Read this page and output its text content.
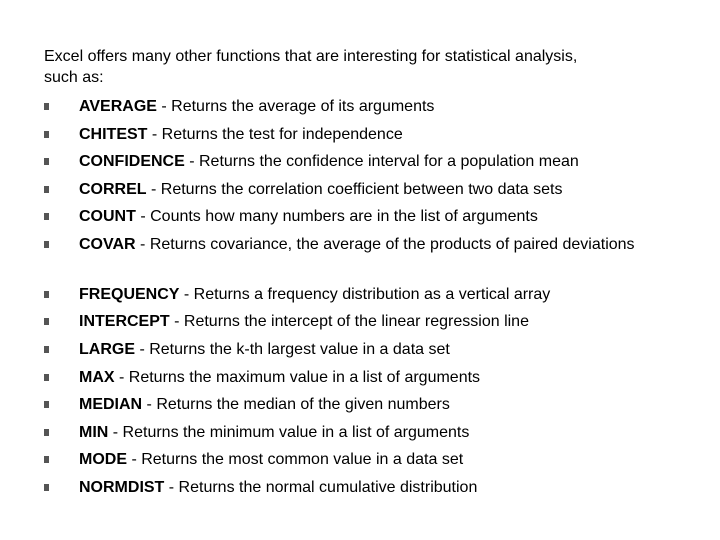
Excel offers many other functions that are interesting for statistical analysis,
such as:

AVERAGE - Returns the average of its arguments
CHITEST - Returns the test for independence
CONFIDENCE - Returns the confidence interval for a population mean
CORREL - Returns the correlation coefficient between two data sets
COUNT - Counts how many numbers are in the list of arguments
COVAR - Returns covariance, the average of the products of paired deviations
FREQUENCY - Returns a frequency distribution as a vertical array
INTERCEPT - Returns the intercept of the linear regression line
LARGE - Returns the k-th largest value in a data set
MAX - Returns the maximum value in a list of arguments
MEDIAN - Returns the median of the given numbers
MIN - Returns the minimum value in a list of arguments
MODE - Returns the most common value in a data set
NORMDIST - Returns the normal cumulative distribution
